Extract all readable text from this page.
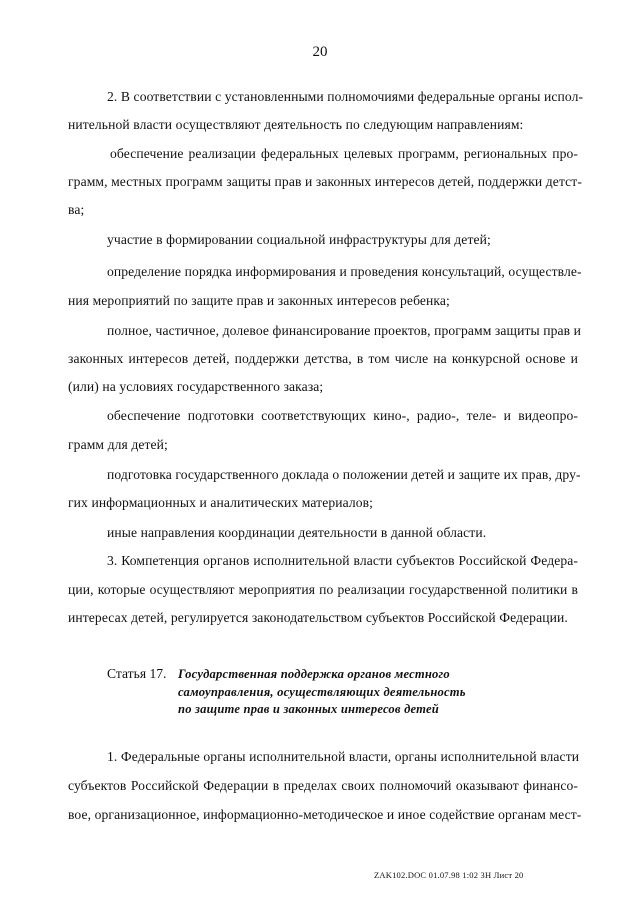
20
2. В соответствии с установленными полномочиями федеральные органы испол-
нительной власти осуществляют деятельность по следующим направлениям:
обеспечение реализации федеральных целевых программ, региональных про-
грамм, местных программ защиты прав и законных интересов детей, поддержки детст-
ва;
участие в формировании социальной инфраструктуры для детей;
определение порядка информирования и проведения консультаций, осуществле-
ния мероприятий по защите прав и законных интересов ребенка;
полное, частичное, долевое финансирование проектов, программ защиты прав и
законных интересов детей, поддержки детства, в том числе на конкурсной основе и
(или) на условиях государственного заказа;
обеспечение подготовки соответствующих кино-, радио-, теле- и видеопро-
грамм для детей;
подготовка государственного доклада о положении детей и защите их прав, дру-
гих информационных и аналитических материалов;
иные направления координации деятельности в данной области.
3. Компетенция органов исполнительной власти субъектов Российской Федера-
ции, которые осуществляют мероприятия по реализации государственной политики в
интересах детей, регулируется законодательством субъектов Российской Федерации.
Статья 17. Государственная поддержка органов местного
самоуправления, осуществляющих деятельность
по защите прав и законных интересов детей
1. Федеральные органы исполнительной власти, органы исполнительной власти
субъектов Российской Федерации в пределах своих полномочий оказывают финансо-
вое, организационное, информационно-методическое и иное содействие органам мест-
ZAK102.DOC 01.07.98 1:02 ЗН Лист 20
